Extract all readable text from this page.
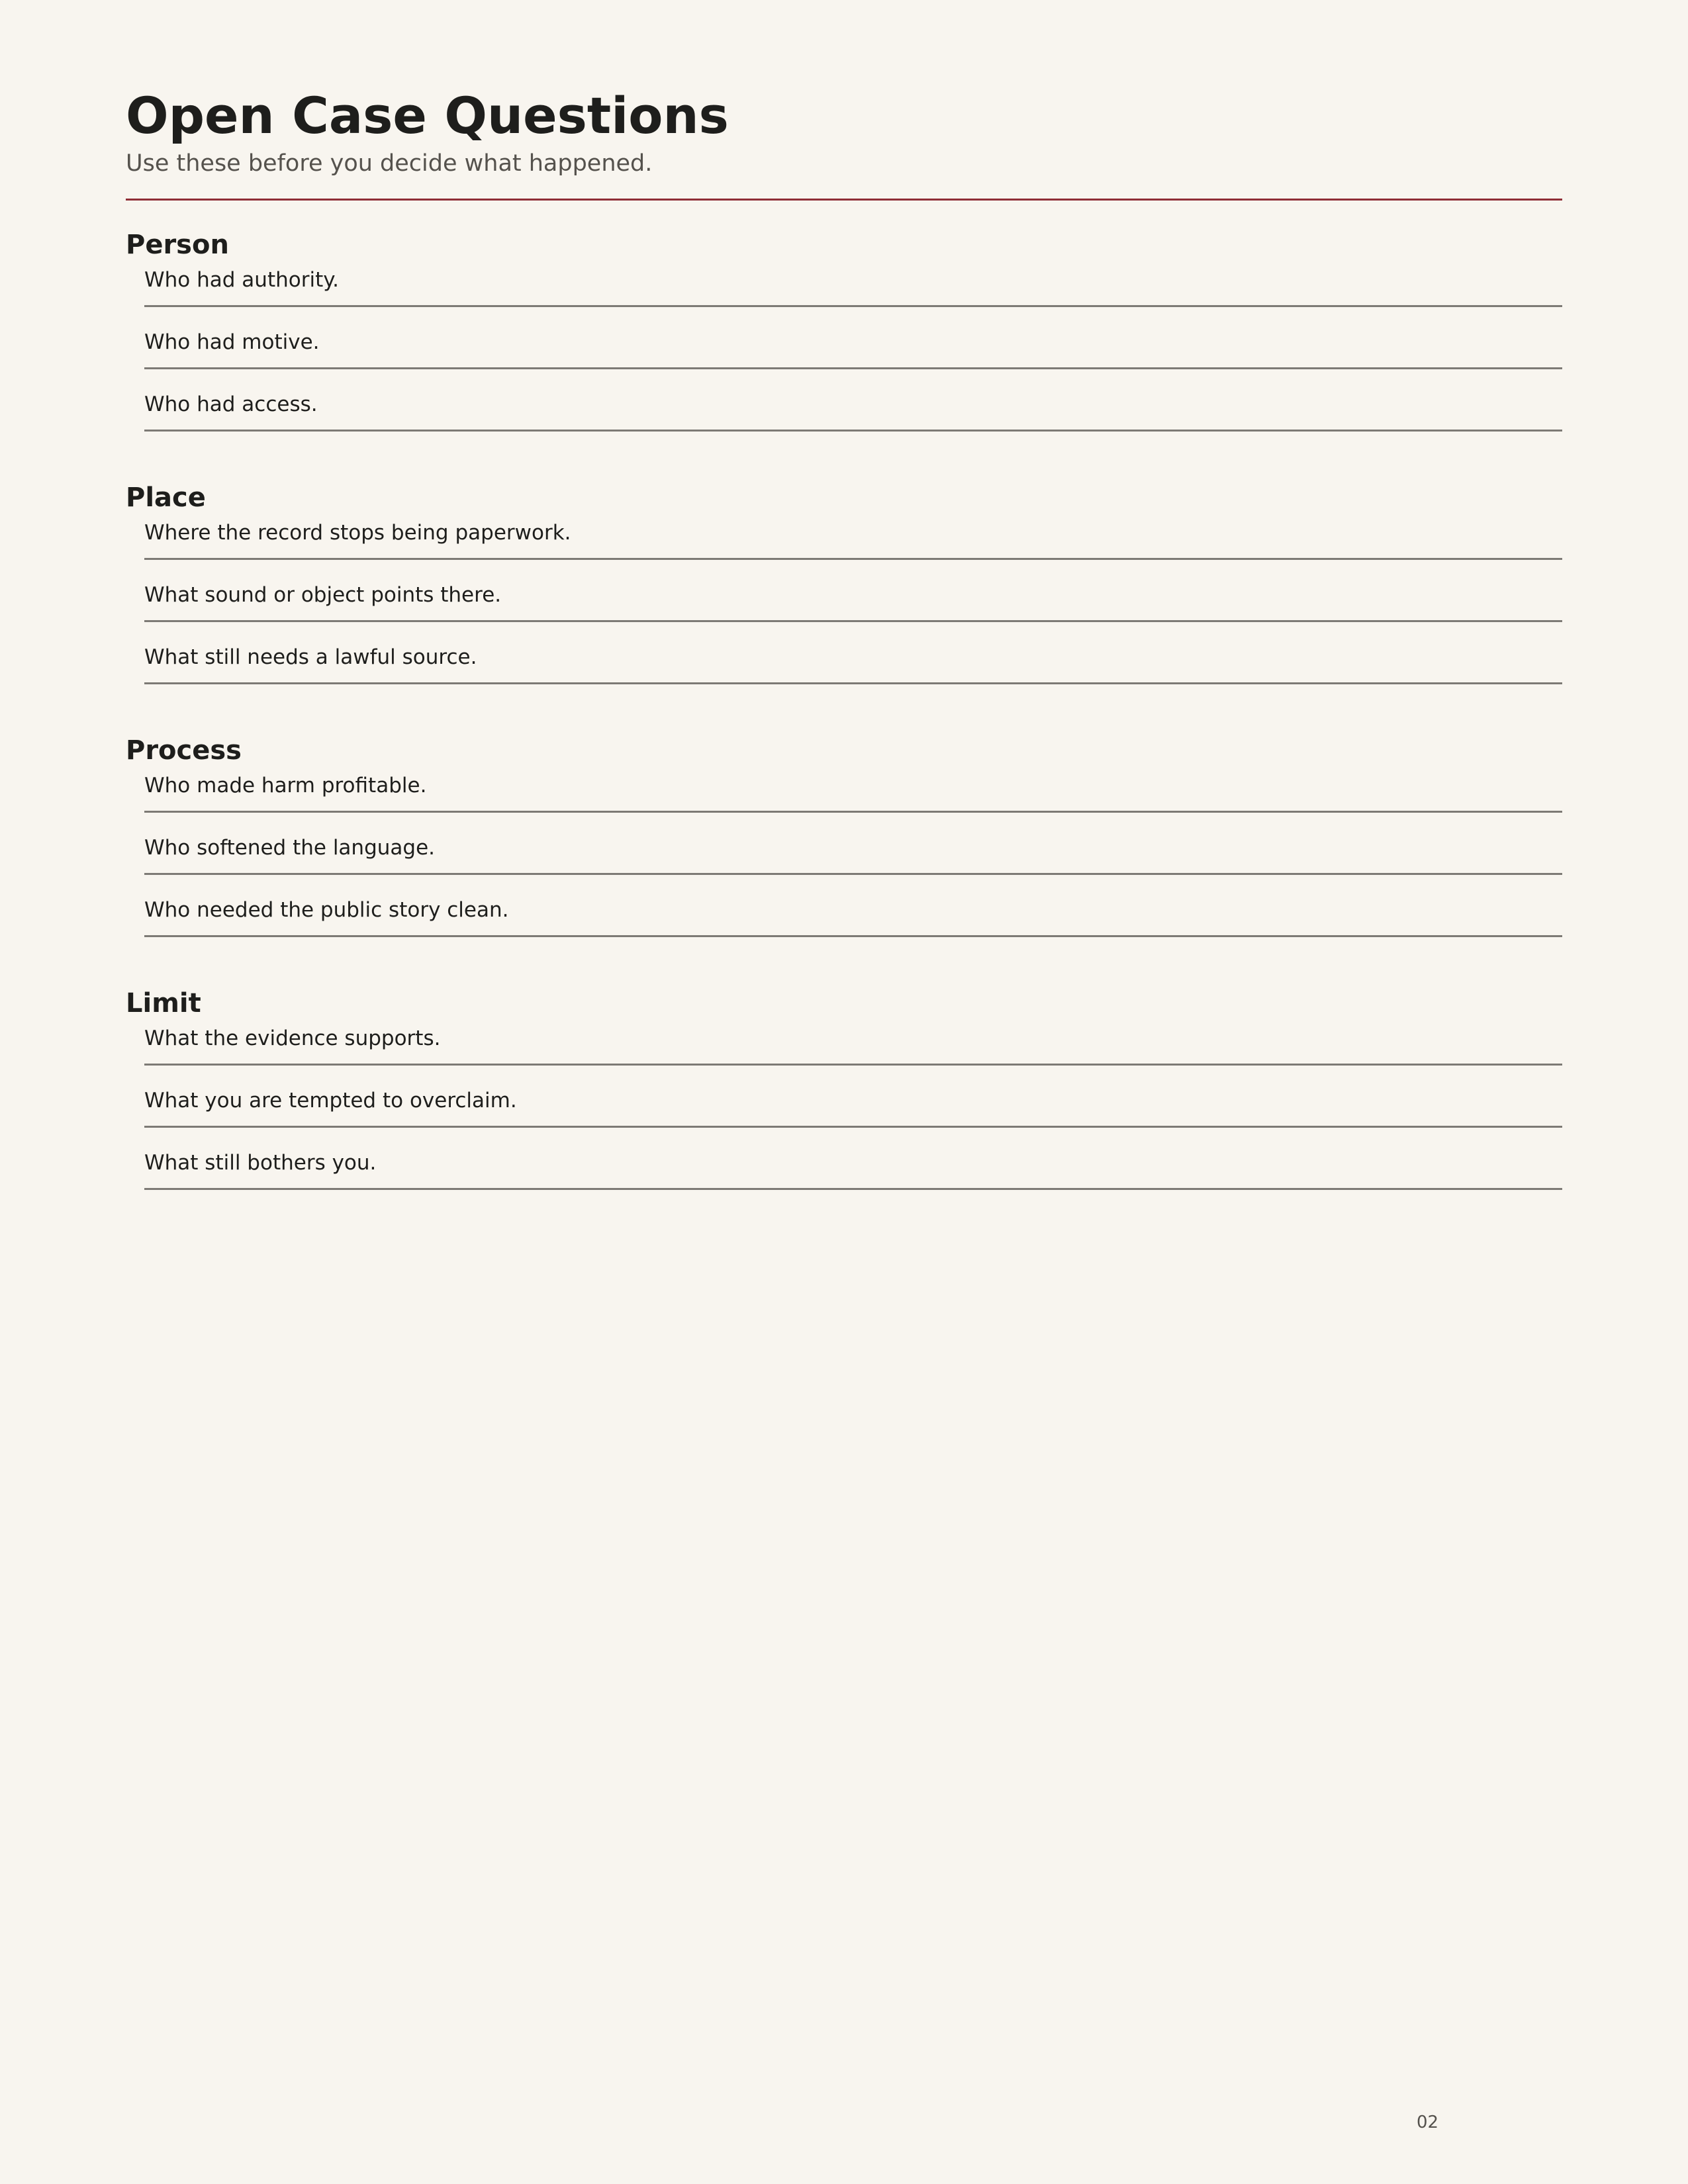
Open Case Questions

Use these before you decide what happened.

Person
Who had authority.
Who had motive.
Who had access.
Place
Where the record stops being paperwork.
What sound or object points there.
What still needs a lawful source.
Process
Who made harm profitable.
Who softened the language.
Who needed the public story clean.
Limit
What the evidence supports.
What you are tempted to overclaim.
What still bothers you.
02
